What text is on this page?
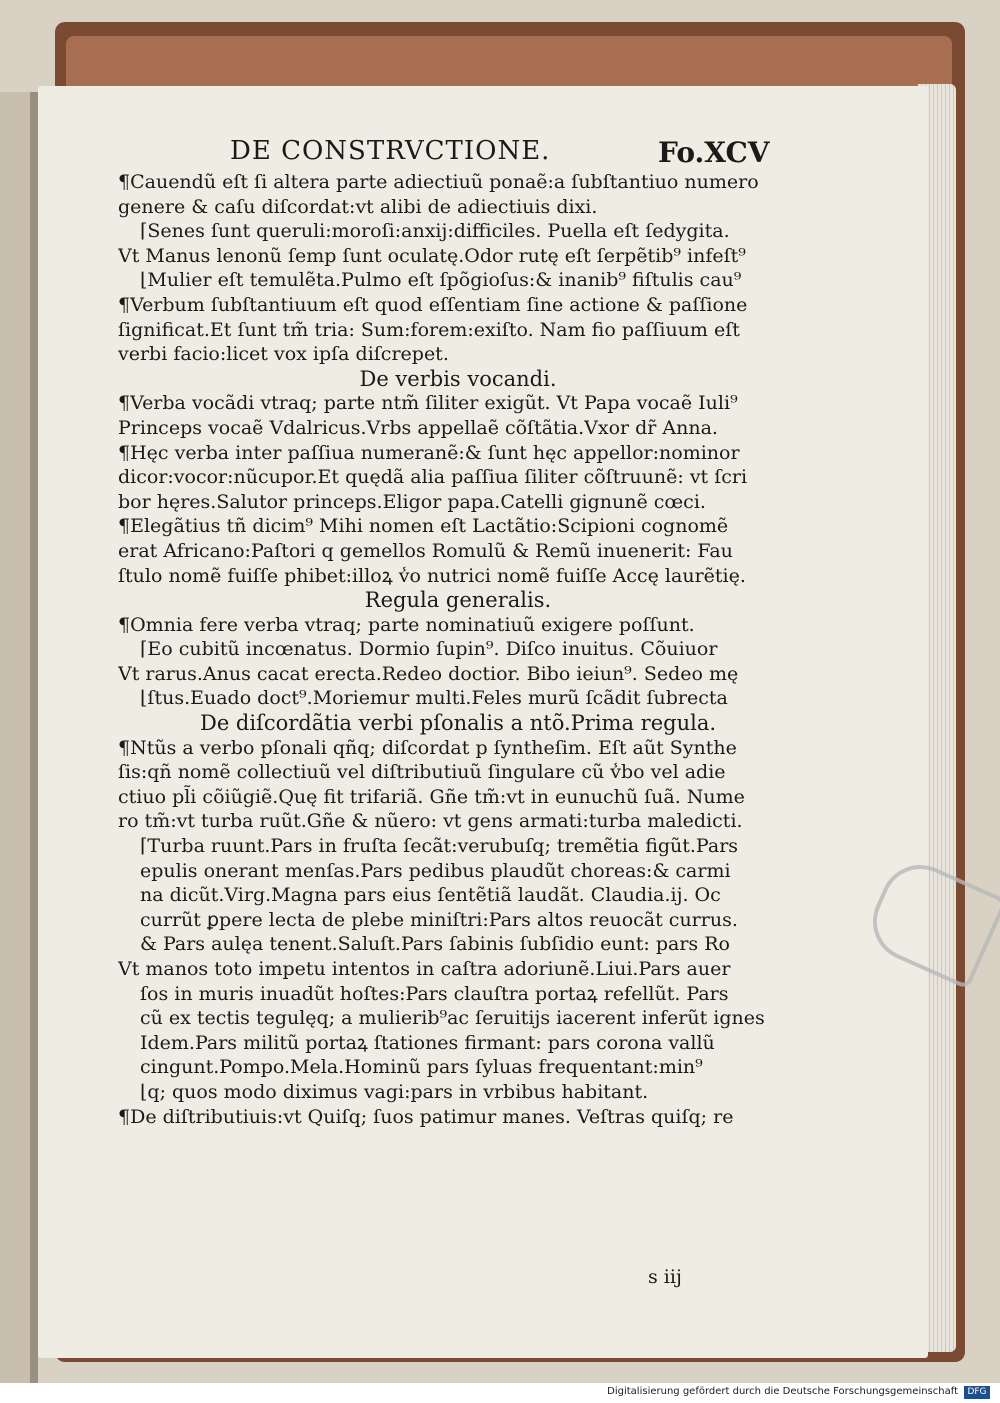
DE CONSTRVCTIONE.	Fo.XCV
¶Cauendũ eſt ſi altera parte adiectiuũ ponaẽ:a ſubſtantiuo numero
genere & caſu diſcordat:vt alibi de adiectiuis dixi.
⌈Senes ſunt queruli:moroſi:anxij:difficiles. Puella eſt ſedygita.
Vt Manus lenonũ ſemp ſunt oculatę.Odor rutę eſt ſerpẽtib⁹ infeſt⁹
⌊Mulier eſt temulẽta.Pulmo eſt ſpõgioſus:& inanib⁹ fiſtulis cau⁹
¶Verbum ſubſtantiuum eſt quod eſſentiam ſine actione & paſſione
ſignificat.Et ſunt tm̃ tria: Sum:forem:exiſto. Nam fio paſſiuum eſt
verbi facio:licet vox ipſa diſcrepet.
De verbis vocandi.
¶Verba vocãdi vtraq; parte ntm̃ ſiliter exigũt. Vt Papa vocaẽ Iuli⁹
Princeps vocaẽ Vdalricus.Vrbs appellaẽ cõſtãtia.Vxor dr̃ Anna.
¶Hęc verba inter paſſiua numeranẽ:& ſunt hęc appellor:nominor
dicor:vocor:nũcupor.Et quędã alia paſſiua ſiliter cõſtruunẽ: vt ſcri
bor hęres.Salutor princeps.Eligor papa.Catelli gignunẽ cœci.
¶Elegãtius tñ dicim⁹ Mihi nomen eſt Lactãtio:Scipioni cognomẽ
erat Africano:Paſtori q gemellos Romulũ & Remũ inuenerit: Fau
ſtulo nomẽ fuiſſe phibet:illoꝝ v̾o nutrici nomẽ fuiſſe Accę laurẽtię.
Regula generalis.
¶Omnia fere verba vtraq; parte nominatiuũ exigere poſſunt.
⌈Eo cubitũ incœnatus. Dormio ſupin⁹. Diſco inuitus. Cõuiuor
Vt rarus.Anus cacat erecta.Redeo doctior. Bibo ieiun⁹. Sedeo mę
⌊ſtus.Euado doct⁹.Moriemur multi.Feles murũ ſcãdit ſubrecta
De diſcordãtia verbi pſonalis a ntõ.Prima regula.
¶Ntũs a verbo pſonali qñq; diſcordat p ſyntheſim. Eſt aũt Synthe
ſis:qñ nomẽ collectiuũ vel diſtributiuũ ſingulare cũ v̾bo vel adie
ctiuo pl̃i cõiũgiẽ.Quę fit trifariã. Gñe tm̃:vt in eunuchũ ſuã. Nume
ro tm̃:vt turba ruũt.Gñe & nũero: vt gens armati:turba maledicti.
⌈Turba ruunt.Pars in fruſta ſecãt:verubuſq; tremẽtia figũt.Pars
epulis onerant menſas.Pars pedibus plaudũt choreas:& carmi
na dicũt.Virg.Magna pars eius ſentẽtiã laudãt. Claudia.ij. Oc
currũt ꝑpere lecta de plebe miniſtri:Pars altos reuocãt currus.
& Pars aulęa tenent.Saluſt.Pars ſabinis ſubſidio eunt: pars Ro
Vt manos toto impetu intentos in caſtra adoriunẽ.Liui.Pars auer
ſos in muris inuadũt hoſtes:Pars clauſtra portaꝝ refellũt. Pars
cũ ex tectis tegulęq; a mulierib⁹ac ſeruitijs iacerent inferũt ignes
Idem.Pars militũ portaꝝ ſtationes firmant: pars corona vallũ
cingunt.Pompo.Mela.Hominũ pars ſyluas frequentant:min⁹
⌊q; quos modo diximus vagi:pars in vrbibus habitant.
¶De diſtributiuis:vt Quiſq; ſuos patimur manes. Veſtras quiſq; re
s iij
Digitalisierung gefördert durch die Deutsche Forschungsgemeinschaft	DFG
